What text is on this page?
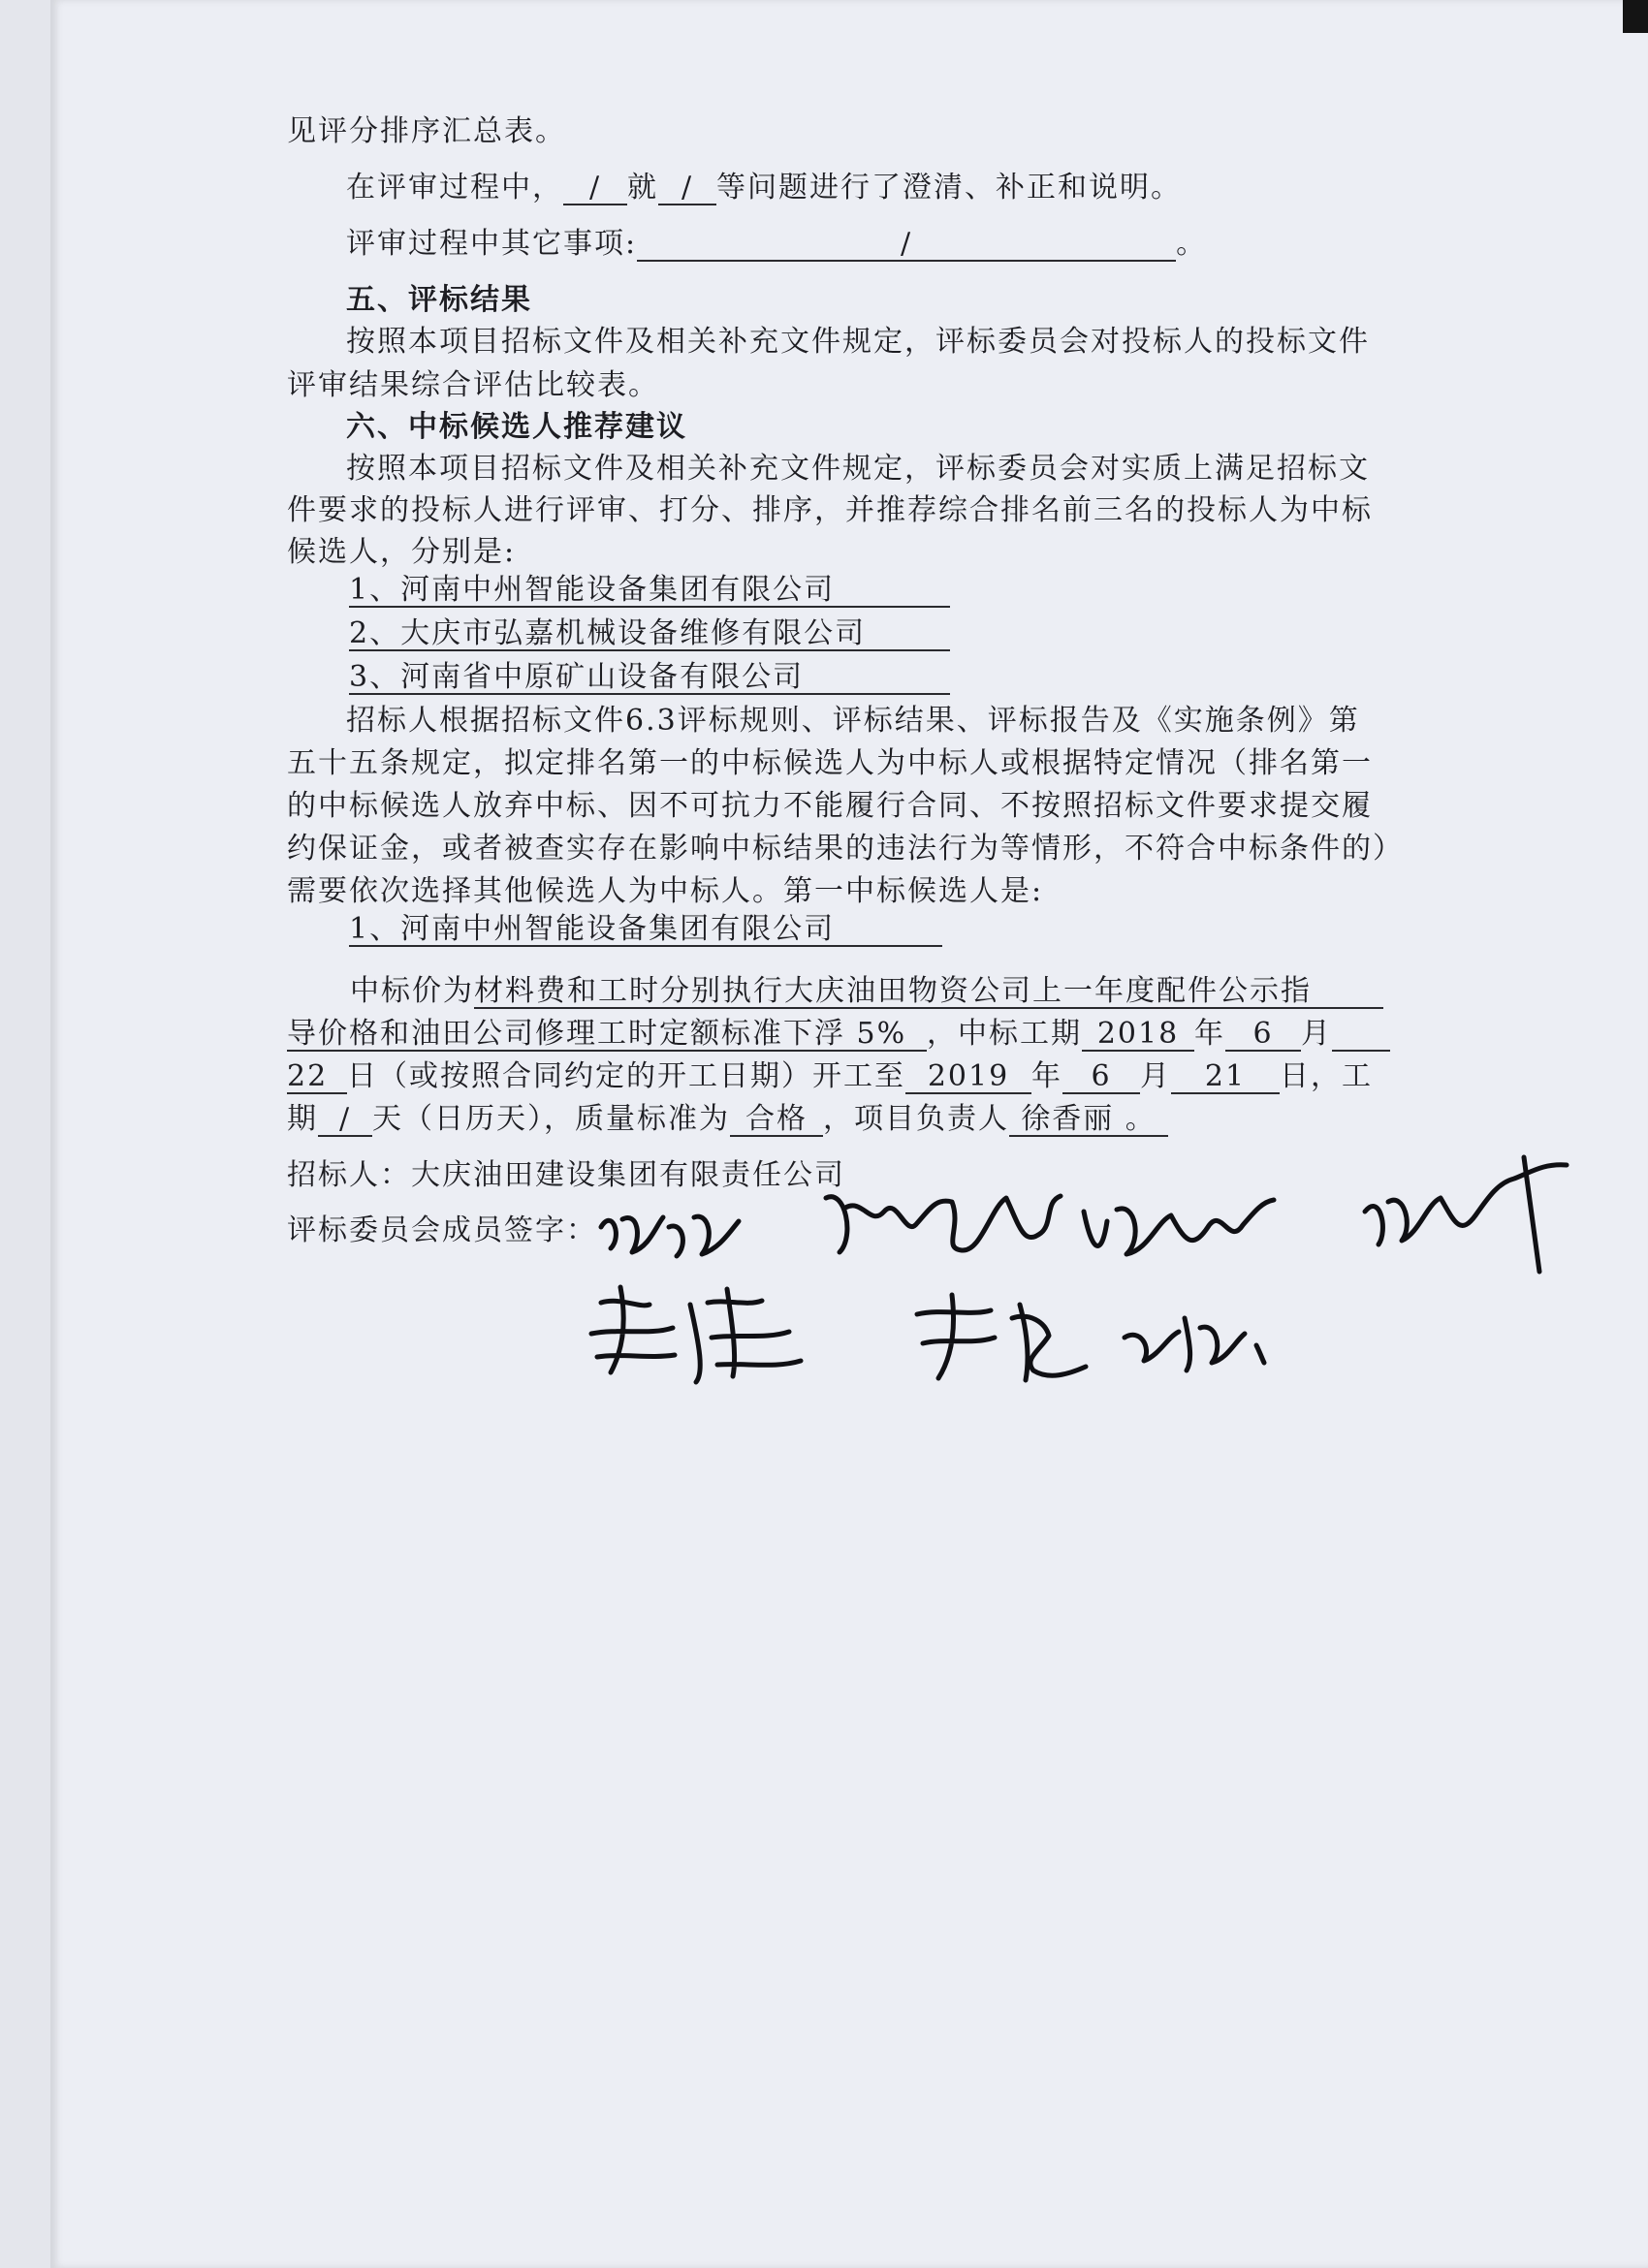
见评分排序汇总表。
在评审过程中， / 就 / 等问题进行了澄清、补正和说明。
评审过程中其它事项:	/	。
五、评标结果
按照本项目招标文件及相关补充文件规定，评标委员会对投标人的投标文件
评审结果综合评估比较表。
六、中标候选人推荐建议
按照本项目招标文件及相关补充文件规定，评标委员会对实质上满足招标文
件要求的投标人进行评审、打分、排序，并推荐综合排名前三名的投标人为中标
候选人，分别是:
1、河南中州智能设备集团有限公司
2、大庆市弘嘉机械设备维修有限公司
3、河南省中原矿山设备有限公司
招标人根据招标文件6.3评标规则、评标结果、评标报告及《实施条例》第
五十五条规定，拟定排名第一的中标候选人为中标人或根据特定情况（排名第一
的中标候选人放弃中标、因不可抗力不能履行合同、不按照招标文件要求提交履
约保证金，或者被查实存在影响中标结果的违法行为等情形，不符合中标条件的）
需要依次选择其他候选人为中标人。第一中标候选人是:
1、河南中州智能设备集团有限公司
中标价为材料费和工时分别执行大庆油田物资公司上一年度配件公示指
导价格和油田公司修理工时定额标准下浮 5% ，中标工期 2018 年 6 月
22 日（或按照合同约定的开工日期）开工至 2019 年 6 月 21 日，工
期 / 天（日历天），质量标准为 合格 ，项目负责人 徐香丽 。
招标人：大庆油田建设集团有限责任公司
评标委员会成员签字：
